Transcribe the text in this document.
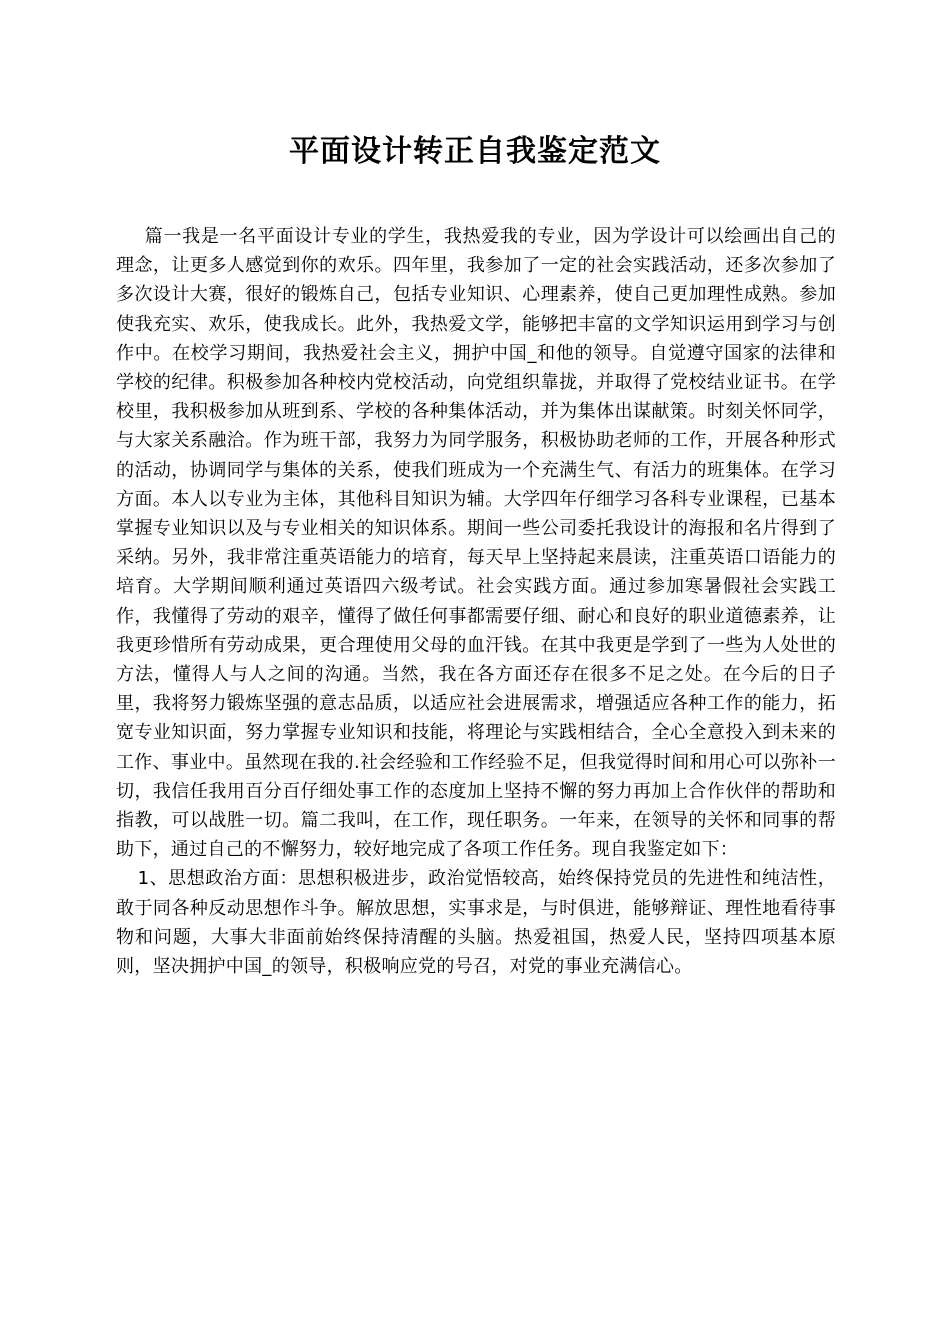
平面设计转正自我鉴定范文

篇一我是一名平面设计专业的学生，我热爱我的专业，因为学设计可以绘画出自己的理念，让更多人感觉到你的欢乐。四年里，我参加了一定的社会实践活动，还多次参加了多次设计大赛，很好的锻炼自己，包括专业知识、心理素养，使自己更加理性成熟。参加使我充实、欢乐，使我成长。此外，我热爱文学，能够把丰富的文学知识运用到学习与创作中。在校学习期间，我热爱社会主义，拥护中国_和他的领导。自觉遵守国家的法律和学校的纪律。积极参加各种校内党校活动，向党组织靠拢，并取得了党校结业证书。在学校里，我积极参加从班到系、学校的各种集体活动，并为集体出谋献策。时刻关怀同学，与大家关系融洽。作为班干部，我努力为同学服务，积极协助老师的工作，开展各种形式的活动，协调同学与集体的关系，使我们班成为一个充满生气、有活力的班集体。在学习方面。本人以专业为主体，其他科目知识为辅。大学四年仔细学习各科专业课程，已基本掌握专业知识以及与专业相关的知识体系。期间一些公司委托我设计的海报和名片得到了采纳。另外，我非常注重英语能力的培育，每天早上坚持起来晨读，注重英语口语能力的培育。大学期间顺利通过英语四六级考试。社会实践方面。通过参加寒暑假社会实践工作，我懂得了劳动的艰辛，懂得了做任何事都需要仔细、耐心和良好的职业道德素养，让我更珍惜所有劳动成果，更合理使用父母的血汗钱。在其中我更是学到了一些为人处世的方法，懂得人与人之间的沟通。当然，我在各方面还存在很多不足之处。在今后的日子里，我将努力锻炼坚强的意志品质，以适应社会进展需求，增强适应各种工作的能力，拓宽专业知识面，努力掌握专业知识和技能，将理论与实践相结合，全心全意投入到未来的工作、事业中。虽然现在我的.社会经验和工作经验不足，但我觉得时间和用心可以弥补一切，我信任我用百分百仔细处事工作的态度加上坚持不懈的努力再加上合作伙伴的帮助和指教，可以战胜一切。篇二我叫，在工作，现任职务。一年来，在领导的关怀和同事的帮助下，通过自己的不懈努力，较好地完成了各项工作任务。现自我鉴定如下：

1、思想政治方面：思想积极进步，政治觉悟较高，始终保持党员的先进性和纯洁性，敢于同各种反动思想作斗争。解放思想，实事求是，与时俱进，能够辩证、理性地看待事物和问题，大事大非面前始终保持清醒的头脑。热爱祖国，热爱人民，坚持四项基本原则，坚决拥护中国_的领导，积极响应党的号召，对党的事业充满信心。
